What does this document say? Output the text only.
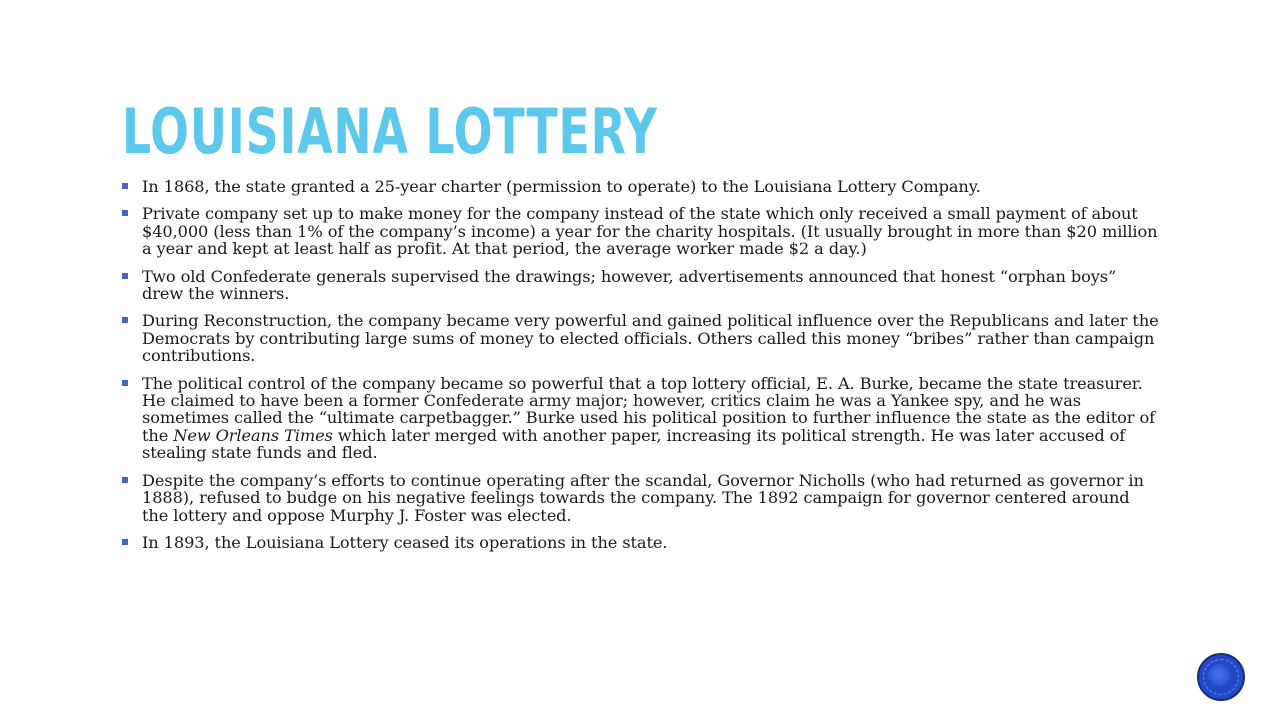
LOUISIANA LOTTERY
In 1868, the state granted a 25-year charter (permission to operate) to the Louisiana Lottery Company.
Private company set up to make money for the company instead of the state which only received a small payment of about $40,000 (less than 1% of the company’s income) a year for the charity hospitals. (It usually brought in more than $20 million a year and kept at least half as profit. At that period, the average worker made $2 a day.)
Two old Confederate generals supervised the drawings; however, advertisements announced that honest “orphan boys” drew the winners.
During Reconstruction, the company became very powerful and gained political influence over the Republicans and later the Democrats by contributing large sums of money to elected officials. Others called this money “bribes” rather than campaign contributions.
The political control of the company became so powerful that a top lottery official, E. A. Burke, became the state treasurer. He claimed to have been a former Confederate army major; however, critics claim he was a Yankee spy, and he was sometimes called the “ultimate carpetbagger.” Burke used his political position to further influence the state as the editor of the New Orleans Times which later merged with another paper, increasing its political strength. He was later accused of stealing state funds and fled.
Despite the company’s efforts to continue operating after the scandal, Governor Nicholls (who had returned as governor in 1888), refused to budge on his negative feelings towards the company. The 1892 campaign for governor centered around the lottery and oppose Murphy J. Foster was elected.
In 1893, the Louisiana Lottery ceased its operations in the state.
